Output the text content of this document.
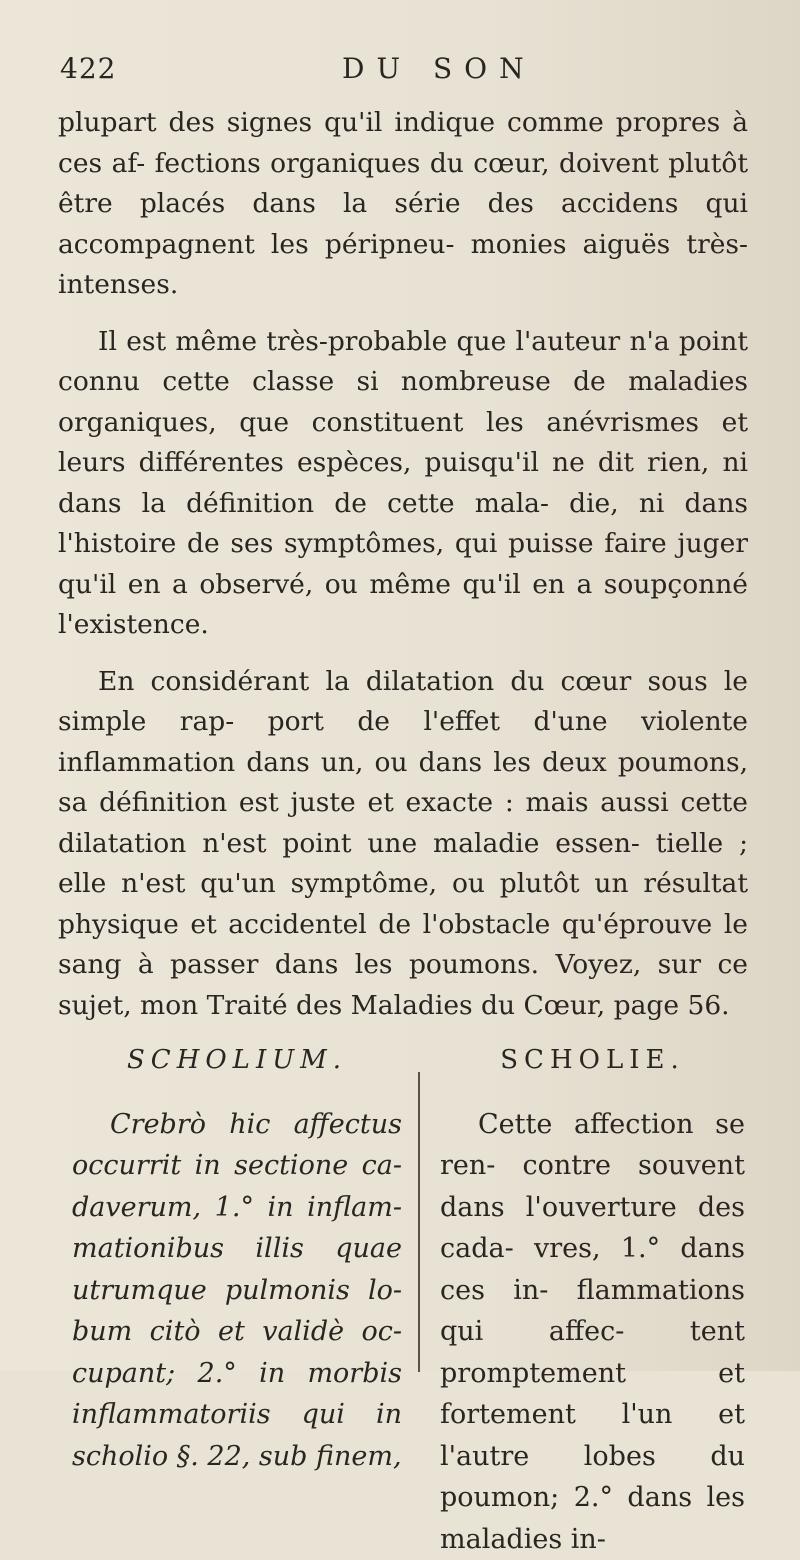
422	DU SON

plupart des signes qu'il indique comme propres à ces af- fections organiques du cœur, doivent plutôt être placés dans la série des accidens qui accompagnent les péripneu- monies aiguës très-intenses.

Il est même très-probable que l'auteur n'a point connu cette classe si nombreuse de maladies organiques, que constituent les anévrismes et leurs différentes espèces, puisqu'il ne dit rien, ni dans la définition de cette mala- die, ni dans l'histoire de ses symptômes, qui puisse faire juger qu'il en a observé, ou même qu'il en a soupçonné l'existence.

En considérant la dilatation du cœur sous le simple rap- port de l'effet d'une violente inflammation dans un, ou dans les deux poumons, sa définition est juste et exacte : mais aussi cette dilatation n'est point une maladie essen- tielle ; elle n'est qu'un symptôme, ou plutôt un résultat physique et accidentel de l'obstacle qu'éprouve le sang à passer dans les poumons. Voyez, sur ce sujet, mon Traité des Maladies du Cœur, page 56.

SCHOLIUM.

Crebrò hic affectus occurrit in sectione ca- daverum, 1.° in inflam- mationibus illis quae utrumque pulmonis lo- bum citò et validè oc- cupant; 2.° in morbis inflammatoriis qui in scholio §. 22, sub finem,

SCHOLIE.

Cette affection se ren- contre souvent dans l'ouverture des cada- vres, 1.° dans ces in- flammations qui affec- tent promptement et fortement l'un et l'autre lobes du poumon; 2.° dans les maladies in-
